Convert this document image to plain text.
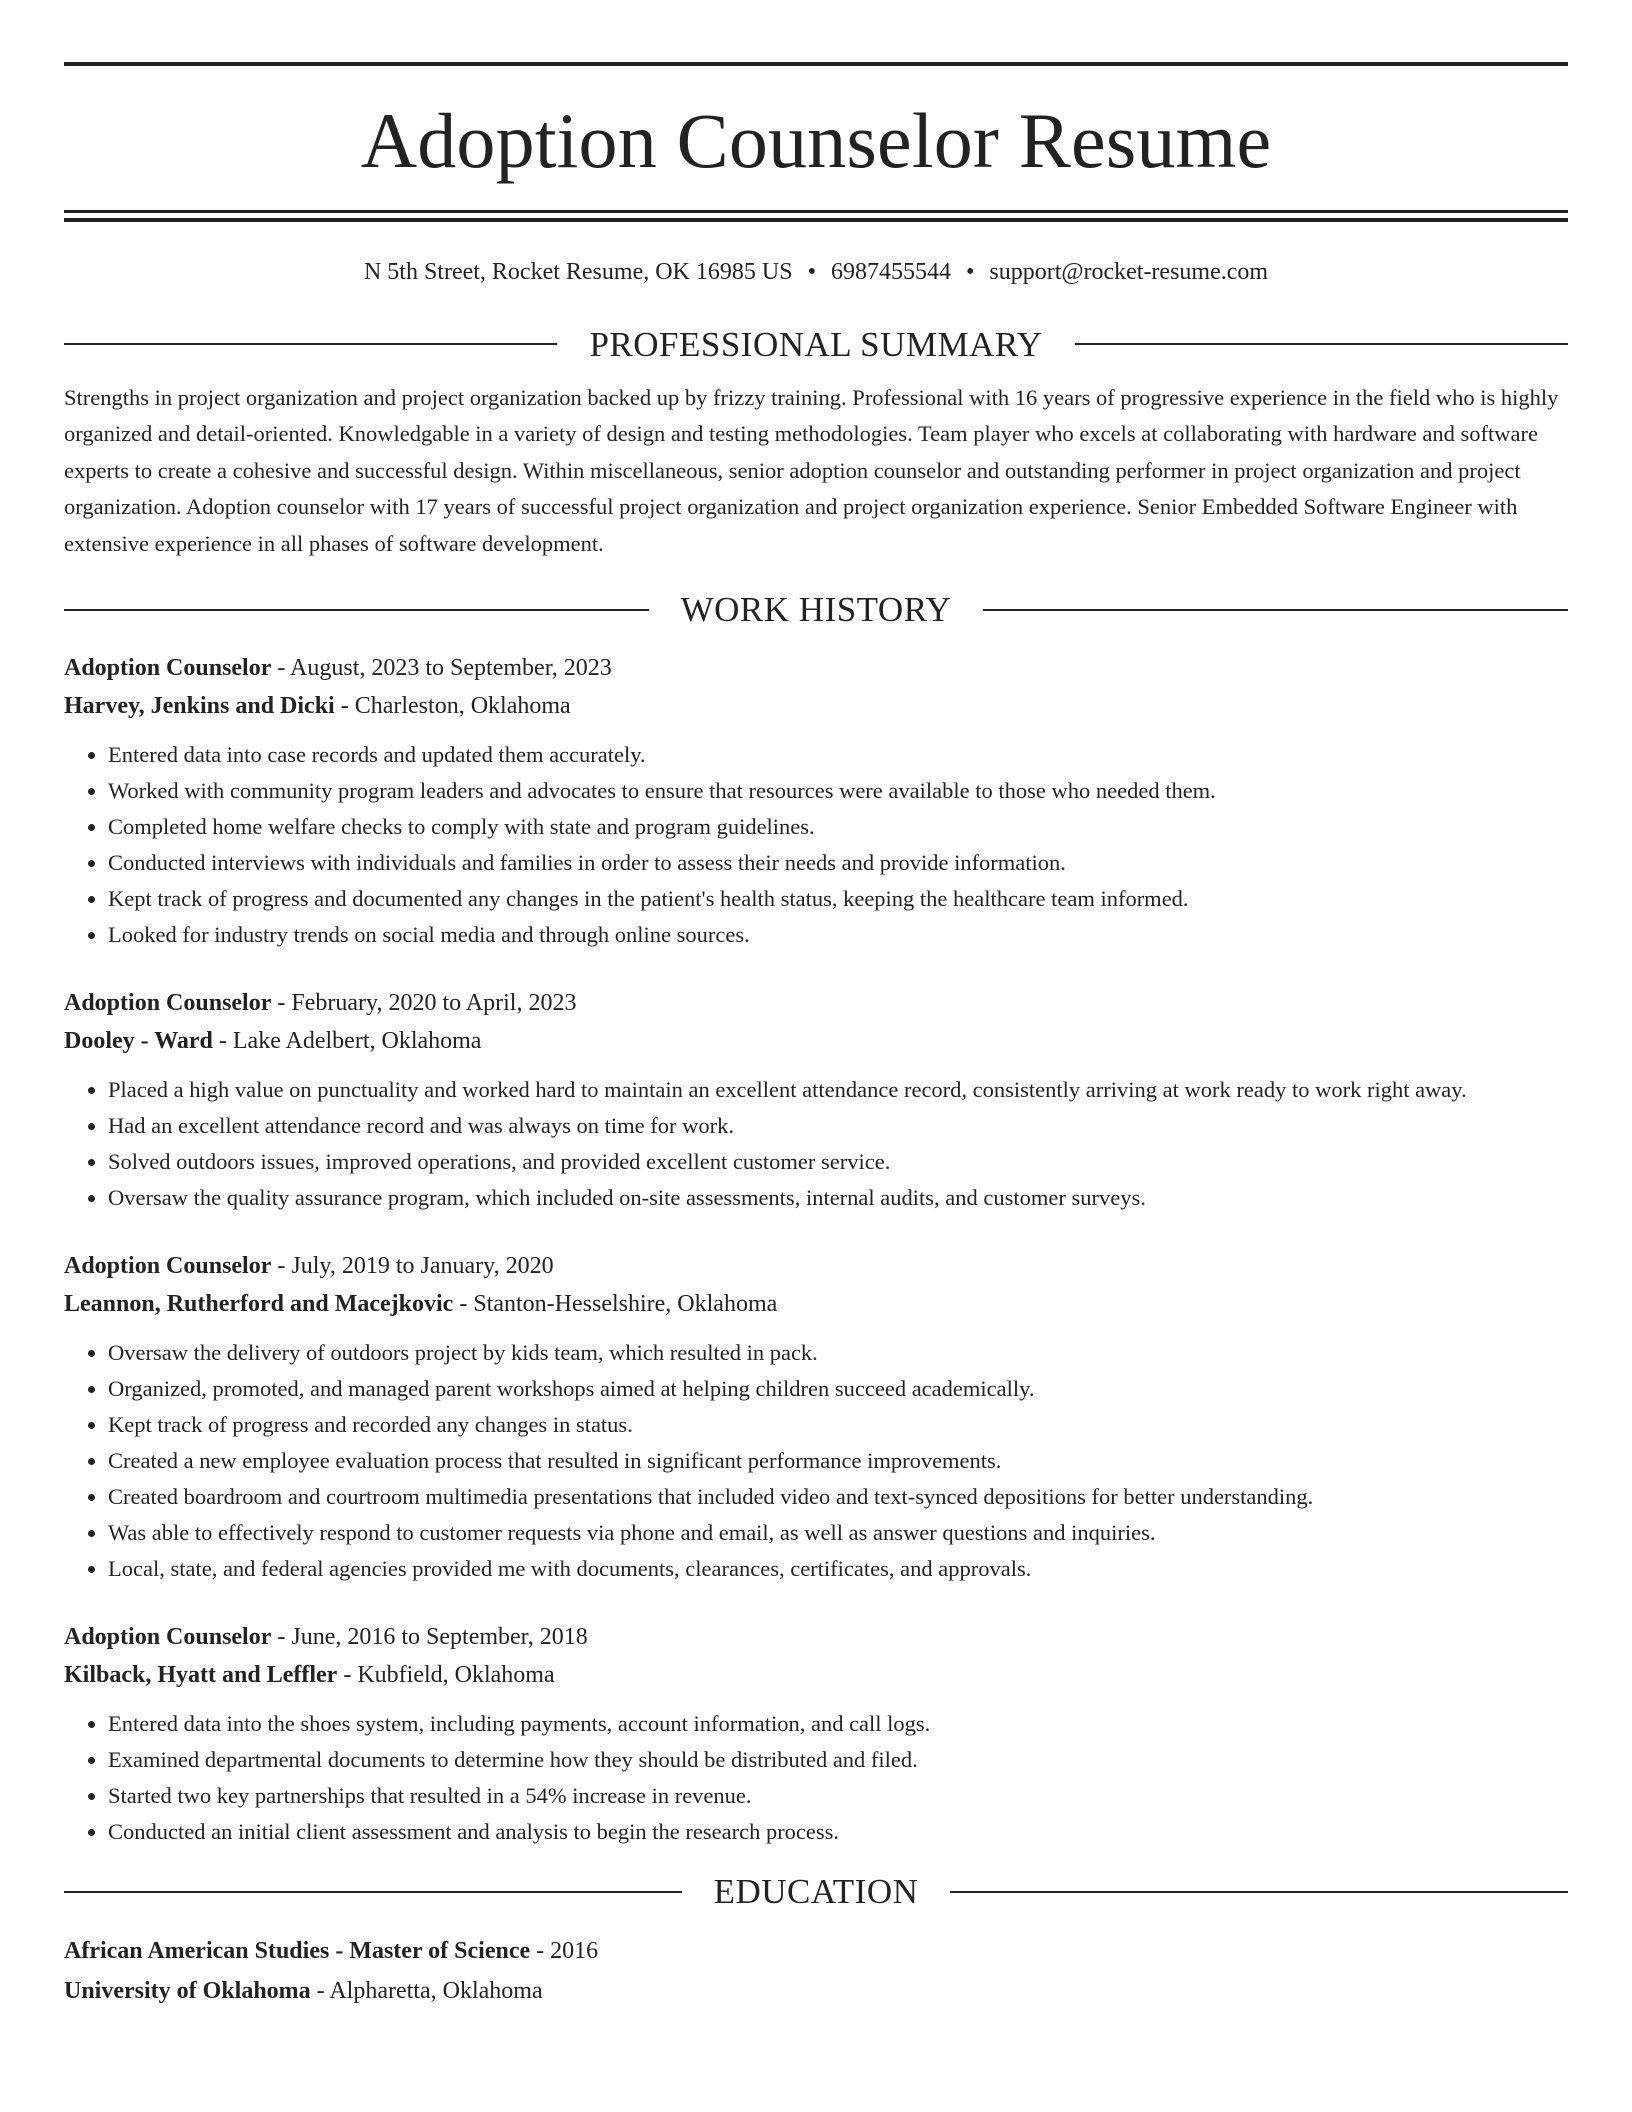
Adoption Counselor Resume
N 5th Street, Rocket Resume, OK 16985 US • 6987455544 • support@rocket-resume.com
PROFESSIONAL SUMMARY
Strengths in project organization and project organization backed up by frizzy training. Professional with 16 years of progressive experience in the field who is highly organized and detail-oriented. Knowledgable in a variety of design and testing methodologies. Team player who excels at collaborating with hardware and software experts to create a cohesive and successful design. Within miscellaneous, senior adoption counselor and outstanding performer in project organization and project organization. Adoption counselor with 17 years of successful project organization and project organization experience. Senior Embedded Software Engineer with extensive experience in all phases of software development.
WORK HISTORY
Adoption Counselor - August, 2023 to September, 2023
Harvey, Jenkins and Dicki - Charleston, Oklahoma
• Entered data into case records and updated them accurately.
• Worked with community program leaders and advocates to ensure that resources were available to those who needed them.
• Completed home welfare checks to comply with state and program guidelines.
• Conducted interviews with individuals and families in order to assess their needs and provide information.
• Kept track of progress and documented any changes in the patient's health status, keeping the healthcare team informed.
• Looked for industry trends on social media and through online sources.
Adoption Counselor - February, 2020 to April, 2023
Dooley - Ward - Lake Adelbert, Oklahoma
• Placed a high value on punctuality and worked hard to maintain an excellent attendance record, consistently arriving at work ready to work right away.
• Had an excellent attendance record and was always on time for work.
• Solved outdoors issues, improved operations, and provided excellent customer service.
• Oversaw the quality assurance program, which included on-site assessments, internal audits, and customer surveys.
Adoption Counselor - July, 2019 to January, 2020
Leannon, Rutherford and Macejkovic - Stanton-Hesselshire, Oklahoma
• Oversaw the delivery of outdoors project by kids team, which resulted in pack.
• Organized, promoted, and managed parent workshops aimed at helping children succeed academically.
• Kept track of progress and recorded any changes in status.
• Created a new employee evaluation process that resulted in significant performance improvements.
• Created boardroom and courtroom multimedia presentations that included video and text-synced depositions for better understanding.
• Was able to effectively respond to customer requests via phone and email, as well as answer questions and inquiries.
• Local, state, and federal agencies provided me with documents, clearances, certificates, and approvals.
Adoption Counselor - June, 2016 to September, 2018
Kilback, Hyatt and Leffler - Kubfield, Oklahoma
• Entered data into the shoes system, including payments, account information, and call logs.
• Examined departmental documents to determine how they should be distributed and filed.
• Started two key partnerships that resulted in a 54% increase in revenue.
• Conducted an initial client assessment and analysis to begin the research process.
EDUCATION
African American Studies - Master of Science - 2016
University of Oklahoma - Alpharetta, Oklahoma
